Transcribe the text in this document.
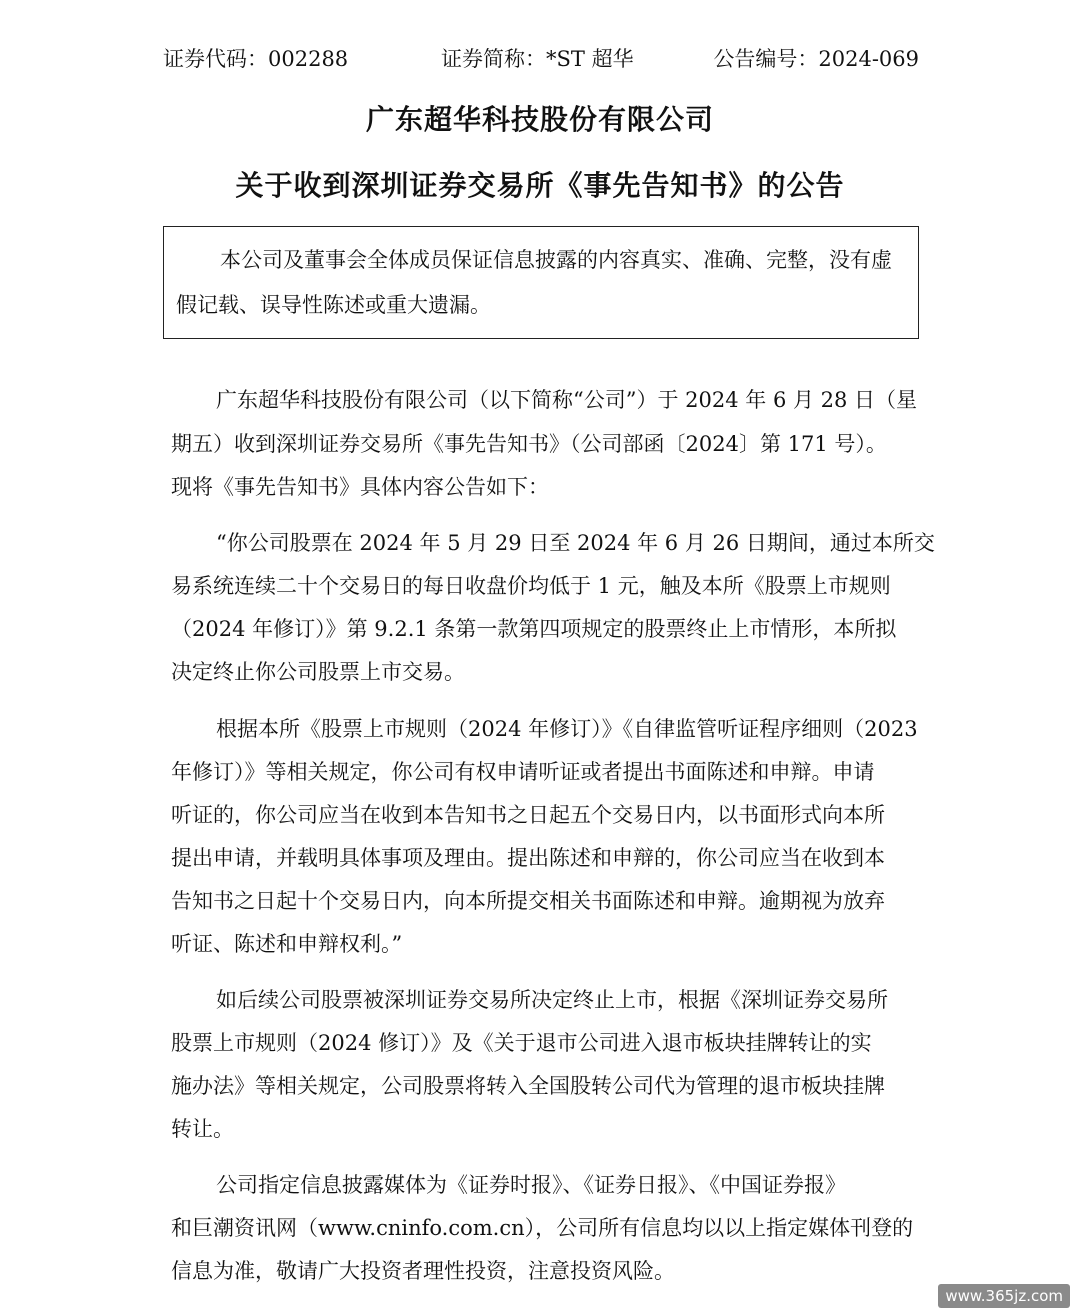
证券代码：002288	证券简称：*ST 超华	公告编号：2024-069
广东超华科技股份有限公司
关于收到深圳证券交易所《事先告知书》的公告
本公司及董事会全体成员保证信息披露的内容真实、准确、完整，没有虚
假记载、误导性陈述或重大遗漏。
广东超华科技股份有限公司（以下简称“公司”）于 2024 年 6 月 28 日（星
期五）收到深圳证券交易所《事先告知书》（公司部函〔2024〕第 171 号）。
现将《事先告知书》具体内容公告如下：
“你公司股票在 2024 年 5 月 29 日至 2024 年 6 月 26 日期间，通过本所交
易系统连续二十个交易日的每日收盘价均低于 1 元，触及本所《股票上市规则
（2024 年修订）》第 9.2.1 条第一款第四项规定的股票终止上市情形，本所拟
决定终止你公司股票上市交易。
根据本所《股票上市规则（2024 年修订）》《自律监管听证程序细则（2023
年修订）》等相关规定，你公司有权申请听证或者提出书面陈述和申辩。申请
听证的，你公司应当在收到本告知书之日起五个交易日内，以书面形式向本所
提出申请，并载明具体事项及理由。提出陈述和申辩的，你公司应当在收到本
告知书之日起十个交易日内，向本所提交相关书面陈述和申辩。逾期视为放弃
听证、陈述和申辩权利。”
如后续公司股票被深圳证券交易所决定终止上市，根据《深圳证券交易所
股票上市规则（2024 修订）》及《关于退市公司进入退市板块挂牌转让的实
施办法》等相关规定，公司股票将转入全国股转公司代为管理的退市板块挂牌
转让。
公司指定信息披露媒体为《证券时报》、《证券日报》、《中国证券报》
和巨潮资讯网（www.cninfo.com.cn），公司所有信息均以以上指定媒体刊登的
信息为准，敬请广大投资者理性投资，注意投资风险。
www.365jz.com
